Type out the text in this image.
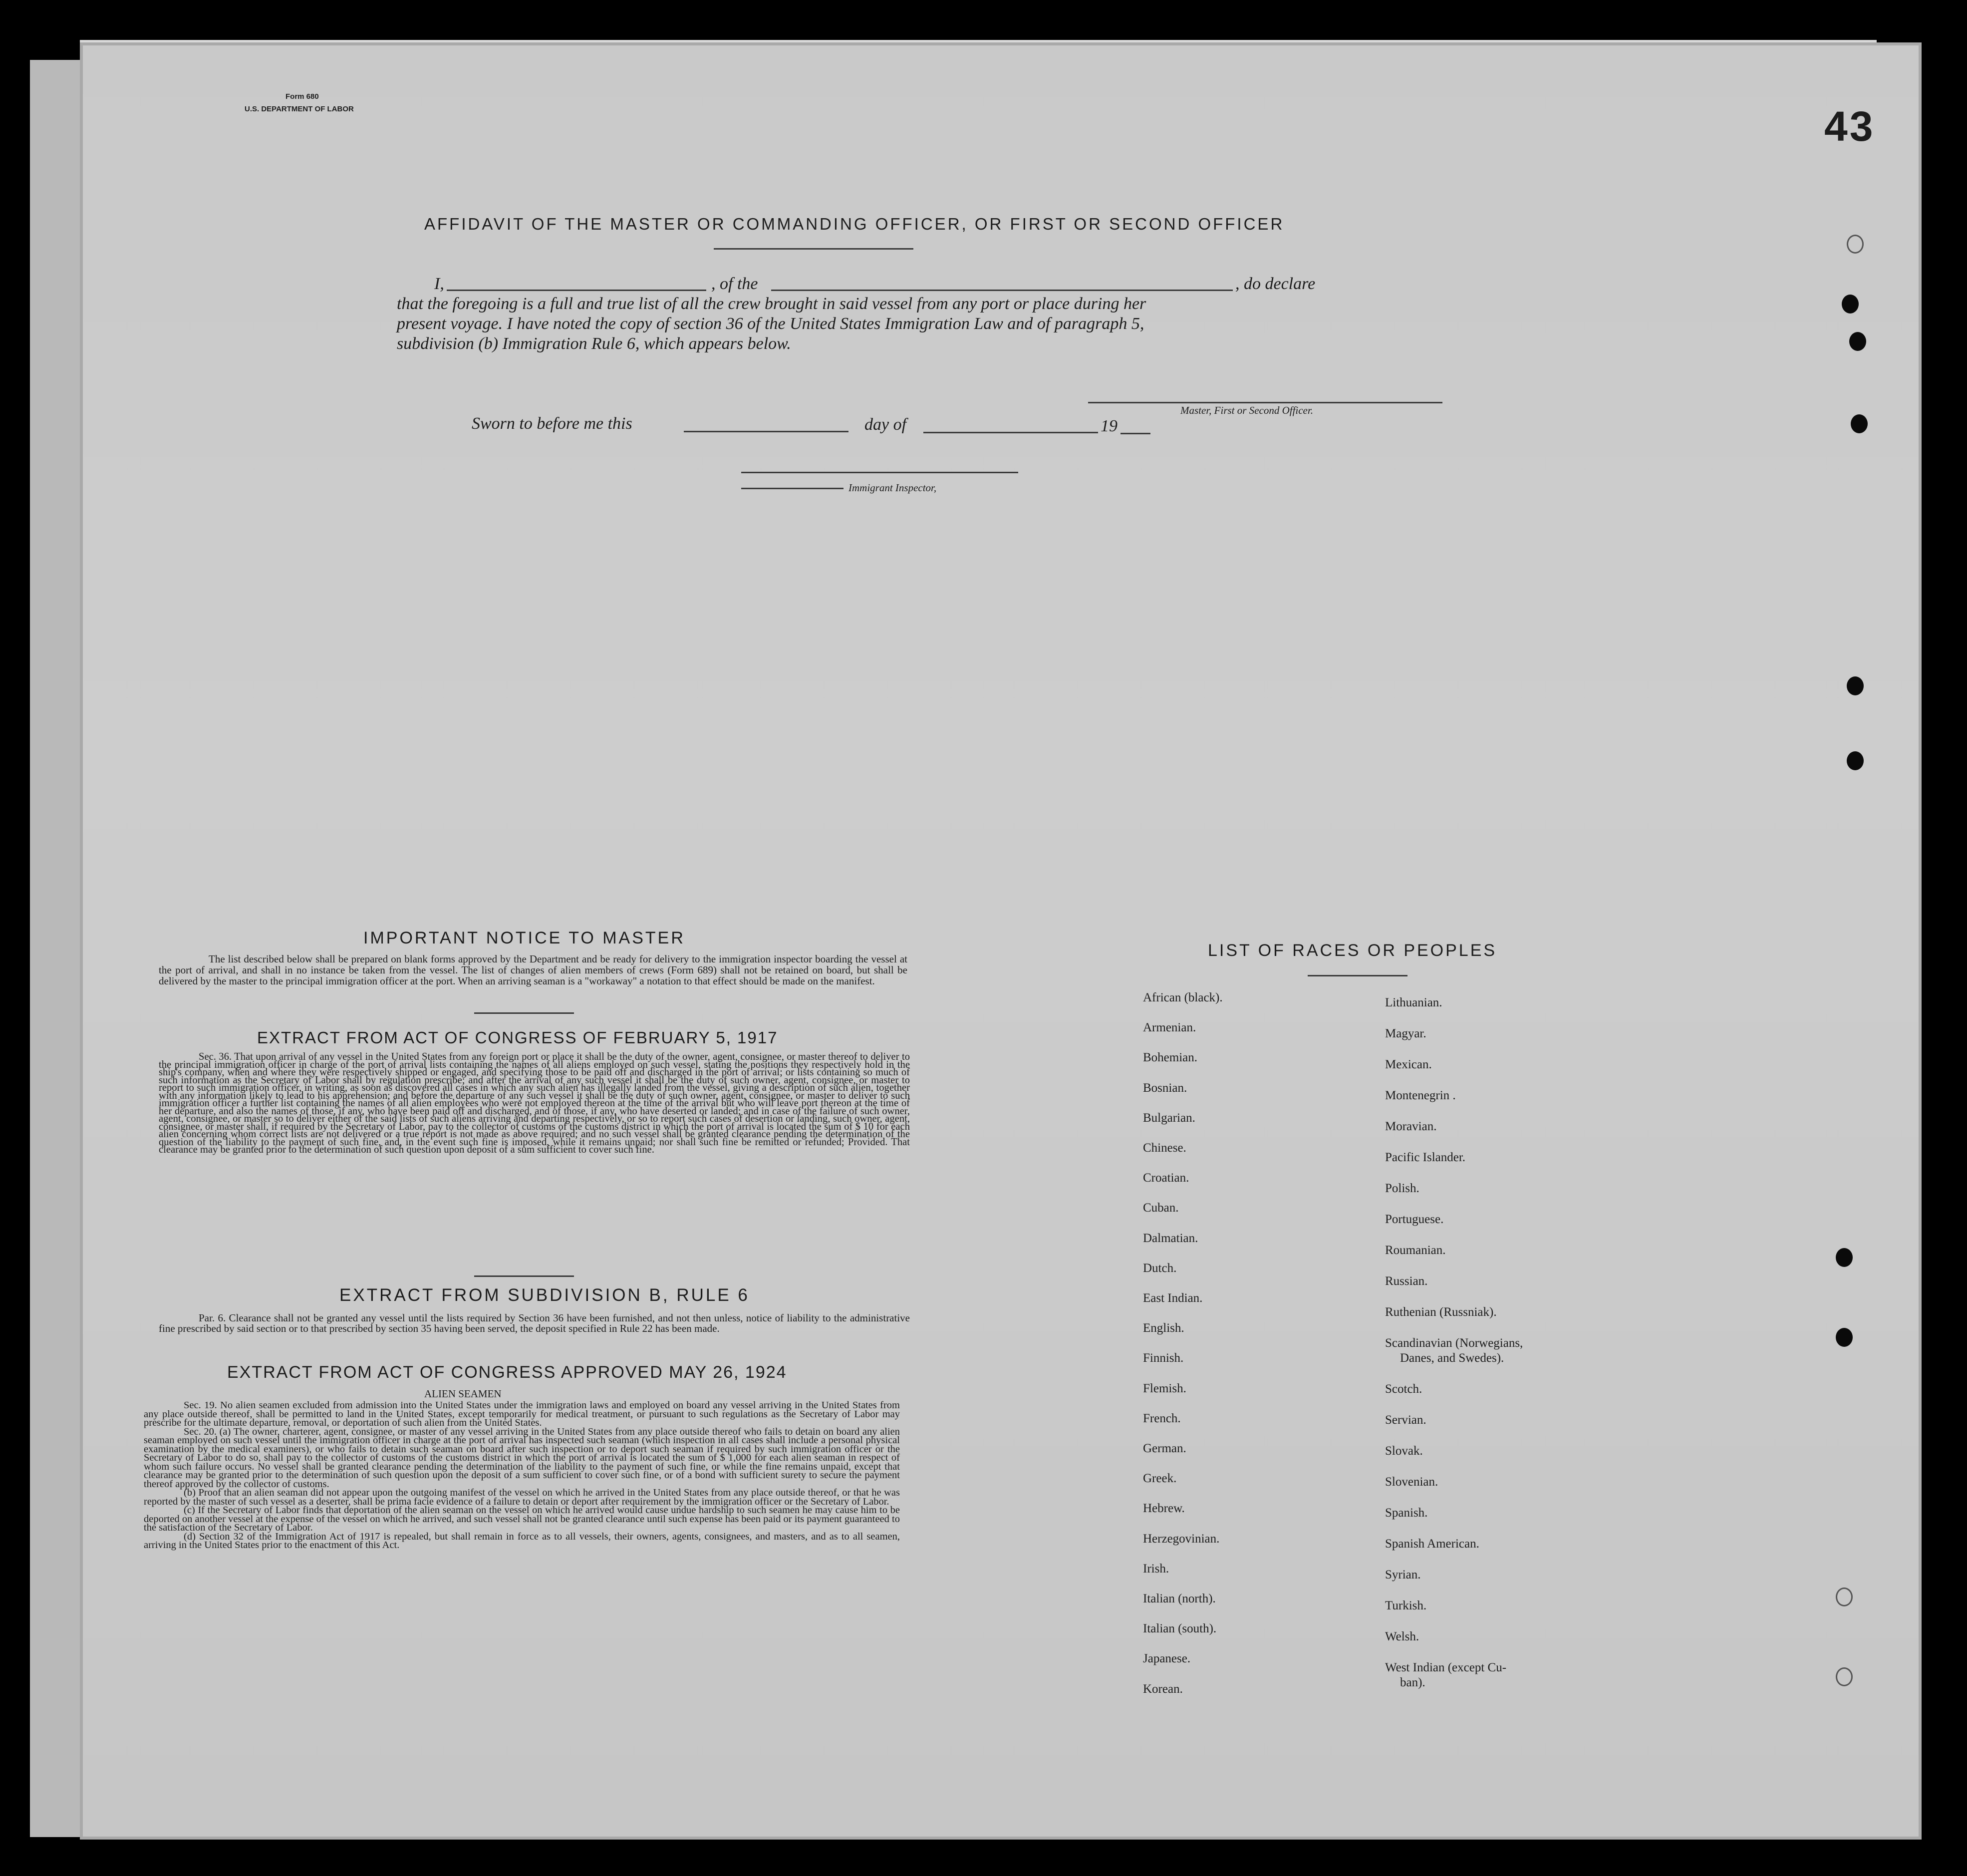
Form 680
U.S. DEPARTMENT OF LABOR	43
AFFIDAVIT OF THE MASTER OR COMMANDING OFFICER, OR FIRST OR SECOND OFFICER
I,	, of the	, do declare
that the foregoing is a full and true list of all the crew brought in said vessel from any port or place during her
present voyage. I have noted the copy of section 36 of the United States Immigration Law and of paragraph 5,
subdivision (b) Immigration Rule 6, which appears below.
Master, First or Second Officer.
Sworn to before me this	day of	19
Immigrant Inspector,
IMPORTANT NOTICE TO MASTER
The list described below shall be prepared on blank forms approved by the Department and be ready for delivery to the immigration inspector boarding the vessel at the port of arrival, and shall in no instance be taken from the vessel. The list of changes of alien members of crews (Form 689) shall not be retained on board, but shall be delivered by the master to the principal immigration officer at the port. When an arriving seaman is a "workaway" a notation to that effect should be made on the manifest.
EXTRACT FROM ACT OF CONGRESS OF FEBRUARY 5, 1917
Sec. 36. That upon arrival of any vessel in the United States from any foreign port or place it shall be the duty of the owner, agent, consignee, or master thereof to deliver to the principal immigration officer in charge of the port of arrival lists containing the names of all aliens employed on such vessel, stating the positions they respectively hold in the ship's company, when and where they were respectively shipped or engaged, and specifying those to be paid off and discharged in the port of arrival; or lists containing so much of such information as the Secretary of Labor shall by regulation prescribe; and after the arrival of any such vessel it shall be the duty of such owner, agent, consignee, or master to report to such immigration officer, in writing, as soon as discovered all cases in which any such alien has illegally landed from the vessel, giving a description of such alien, together with any information likely to lead to his apprehension; and before the departure of any such vessel it shall be the duty of such owner, agent, consignee, or master to deliver to such immigration officer a further list containing the names of all alien employees who were not employed thereon at the time of the arrival but who will leave port thereon at the time of her departure, and also the names of those, if any, who have been paid off and discharged, and of those, if any, who have deserted or landed; and in case of the failure of such owner, agent, consignee, or master so to deliver either of the said lists of such aliens arriving and departing respectively, or so to report such cases of desertion or landing, such owner, agent, consignee, or master shall, if required by the Secretary of Labor, pay to the collector of customs of the customs district in which the port of arrival is located the sum of $ 10 for each alien concerning whom correct lists are not delivered or a true report is not made as above required; and no such vessel shall be granted clearance pending the determination of the question of the liability to the payment of such fine, and, in the event such fine is imposed, while it remains unpaid; nor shall such fine be remitted or refunded; Provided. That clearance may be granted prior to the determination of such question upon deposit of a sum sufficient to cover such fine.
EXTRACT FROM SUBDIVISION B, RULE 6
Par. 6. Clearance shall not be granted any vessel until the lists required by Section 36 have been furnished, and not then unless, notice of liability to the administrative fine prescribed by said section or to that prescribed by section 35 having been served, the deposit specified in Rule 22 has been made.
EXTRACT FROM ACT OF CONGRESS APPROVED MAY 26, 1924
ALIEN SEAMEN
Sec. 19. No alien seamen excluded from admission into the United States under the immigration laws and employed on board any vessel arriving in the United States from any place outside thereof, shall be permitted to land in the United States, except temporarily for medical treatment, or pursuant to such regulations as the Secretary of Labor may prescribe for the ultimate departure, removal, or deportation of such alien from the United States.
Sec. 20. (a) The owner, charterer, agent, consignee, or master of any vessel arriving in the United States from any place outside thereof who fails to detain on board any alien seaman employed on such vessel until the immigration officer in charge at the port of arrival has inspected such seaman (which inspection in all cases shall include a personal physical examination by the medical examiners), or who fails to detain such seaman on board after such inspection or to deport such seaman if required by such immigration officer or the Secretary of Labor to do so, shall pay to the collector of customs of the customs district in which the port of arrival is located the sum of $ 1,000 for each alien seaman in respect of whom such failure occurs. No vessel shall be granted clearance pending the determination of the liability to the payment of such fine, or while the fine remains unpaid, except that clearance may be granted prior to the determination of such question upon the deposit of a sum sufficient to cover such fine, or of a bond with sufficient surety to secure the payment thereof approved by the collector of customs.
(b) Proof that an alien seaman did not appear upon the outgoing manifest of the vessel on which he arrived in the United States from any place outside thereof, or that he was reported by the master of such vessel as a deserter, shall be prima facie evidence of a failure to detain or deport after requirement by the immigration officer or the Secretary of Labor.
(c) If the Secretary of Labor finds that deportation of the alien seaman on the vessel on which he arrived would cause undue hardship to such seamen he may cause him to be deported on another vessel at the expense of the vessel on which he arrived, and such vessel shall not be granted clearance until such expense has been paid or its payment guaranteed to the satisfaction of the Secretary of Labor.
(d) Section 32 of the Immigration Act of 1917 is repealed, but shall remain in force as to all vessels, their owners, agents, consignees, and masters, and as to all seamen, arriving in the United States prior to the enactment of this Act.
LIST OF RACES OR PEOPLES
African (black).
Armenian.
Bohemian.
Bosnian.
Bulgarian.
Chinese.
Croatian.
Cuban.
Dalmatian.
Dutch.
East Indian.
English.
Finnish.
Flemish.
French.
German.
Greek.
Hebrew.
Herzegovinian.
Irish.
Italian (north).
Italian (south).
Japanese.
Korean.
Lithuanian.
Magyar.
Mexican.
Montenegrin .
Moravian.
Pacific Islander.
Polish.
Portuguese.
Roumanian.
Russian.
Ruthenian (Russniak).
Scandinavian (Norwegians,
Danes, and Swedes).
Scotch.
Servian.
Slovak.
Slovenian.
Spanish.
Spanish American.
Syrian.
Turkish.
Welsh.
West Indian (except Cu-
ban).
